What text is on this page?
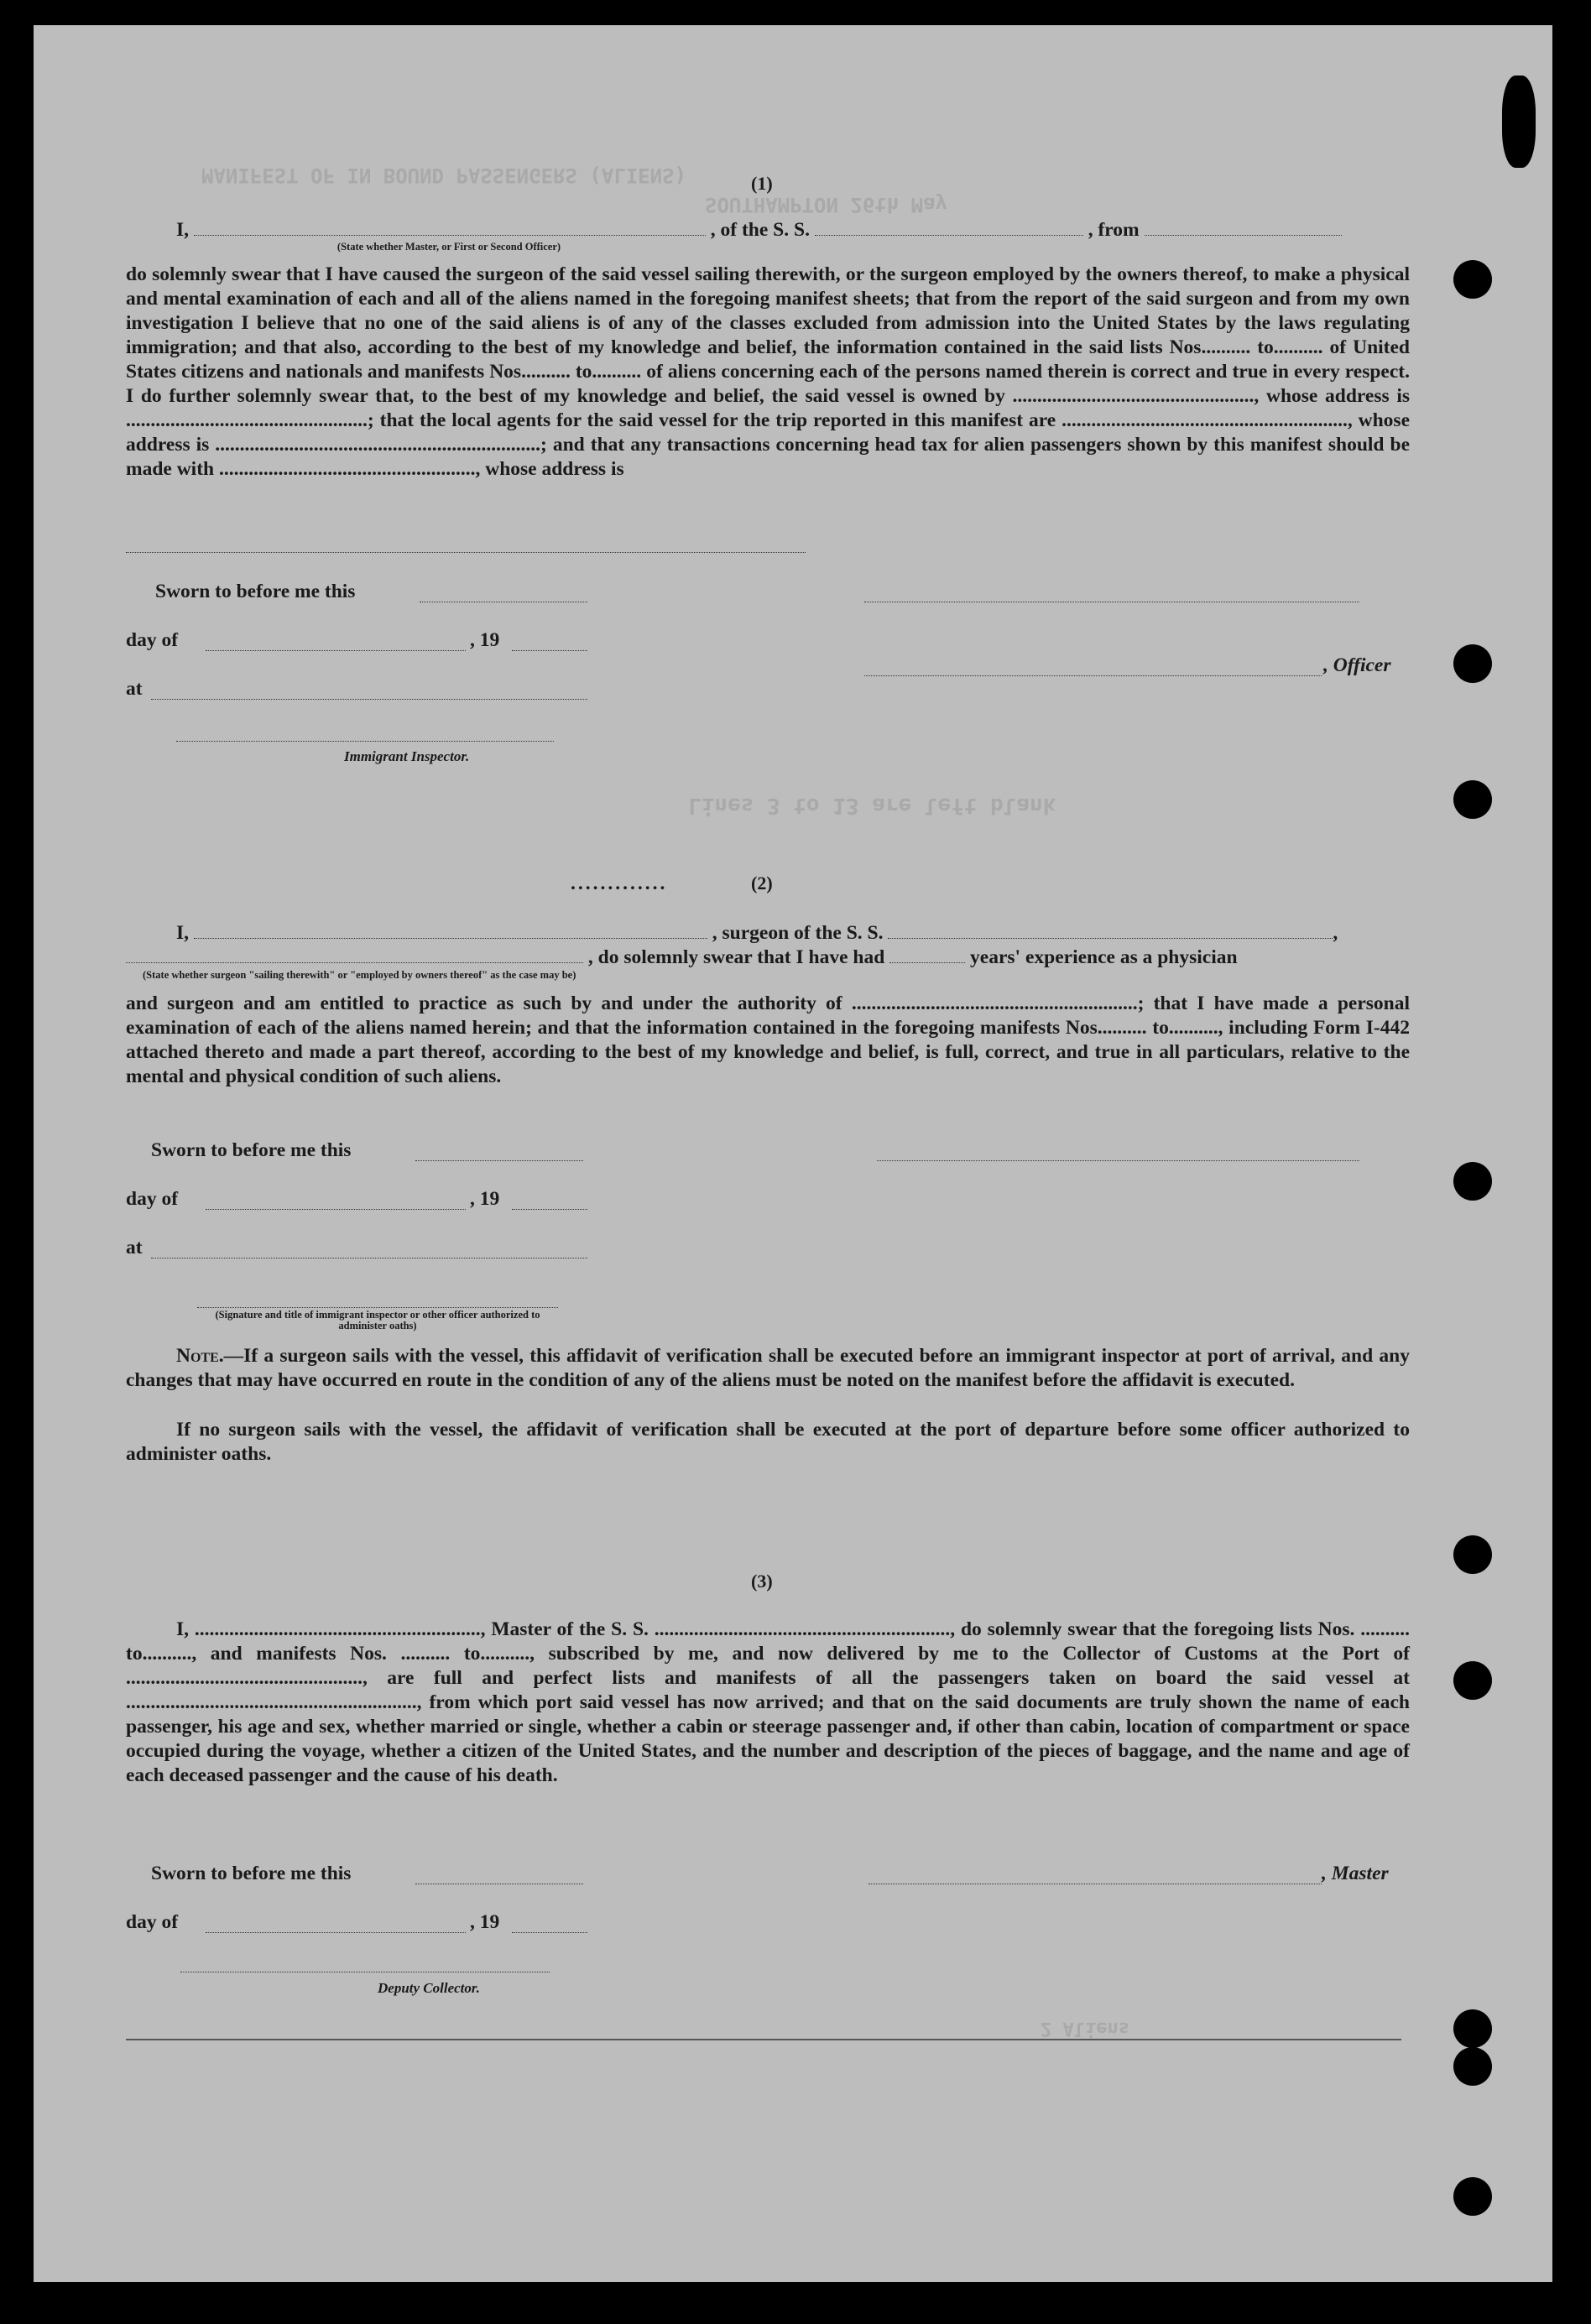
MANIFEST OF IN BOUND PASSENGERS (ALIENS)
SOUTHAMPTON 26th May
Lines 3 to 13 are left blank
2 Aliens
(1)
I,	, of the S. S.	, from
(State whether Master, or First or Second Officer)
do solemnly swear that I have caused the surgeon of the said vessel sailing therewith, or the surgeon employed by the owners thereof, to make a physical and mental examination of each and all of the aliens named in the foregoing manifest sheets; that from the report of the said surgeon and from my own investigation I believe that no one of the said aliens is of any of the classes excluded from admission into the United States by the laws regulating immigration; and that also, according to the best of my knowledge and belief, the information contained in the said lists Nos.......... to.......... of United States citizens and nationals and manifests Nos.......... to.......... of aliens concerning each of the persons named therein is correct and true in every respect. I do further solemnly swear that, to the best of my knowledge and belief, the said vessel is owned by ................................................., whose address is .................................................; that the local agents for the said vessel for the trip reported in this manifest are .........................................................., whose address is ..................................................................; and that any transactions concerning head tax for alien passengers shown by this manifest should be made with ...................................................., whose address is
Sworn to before me this
day of	, 19
, Officer
at
Immigrant Inspector.
.............	(2)
I,	, surgeon of the S. S.	,
, do solemnly swear that I have had	years' experience as a physician
(State whether surgeon "sailing therewith" or "employed by owners thereof" as the case may be)
and surgeon and am entitled to practice as such by and under the authority of ..........................................................; that I have made a personal examination of each of the aliens named herein; and that the information contained in the foregoing manifests Nos.......... to.........., including Form I-442 attached thereto and made a part thereof, according to the best of my knowledge and belief, is full, correct, and true in all particulars, relative to the mental and physical condition of such aliens.
Sworn to before me this
day of	, 19
at
(Signature and title of immigrant inspector or other officer authorized to administer oaths)
Note.—If a surgeon sails with the vessel, this affidavit of verification shall be executed before an immigrant inspector at port of arrival, and any changes that may have occurred en route in the condition of any of the aliens must be noted on the manifest before the affidavit is executed.
If no surgeon sails with the vessel, the affidavit of verification shall be executed at the port of departure before some officer authorized to administer oaths.
(3)
I, .........................................................., Master of the S. S. ............................................................, do solemnly swear that the foregoing lists Nos. .......... to.........., and manifests Nos. .......... to.........., subscribed by me, and now delivered by me to the Collector of Customs at the Port of ................................................, are full and perfect lists and manifests of all the passengers taken on board the said vessel at ..........................................................., from which port said vessel has now arrived; and that on the said documents are truly shown the name of each passenger, his age and sex, whether married or single, whether a cabin or steerage passenger and, if other than cabin, location of compartment or space occupied during the voyage, whether a citizen of the United States, and the number and description of the pieces of baggage, and the name and age of each deceased passenger and the cause of his death.
Sworn to before me this	, Master
day of	, 19
Deputy Collector.
